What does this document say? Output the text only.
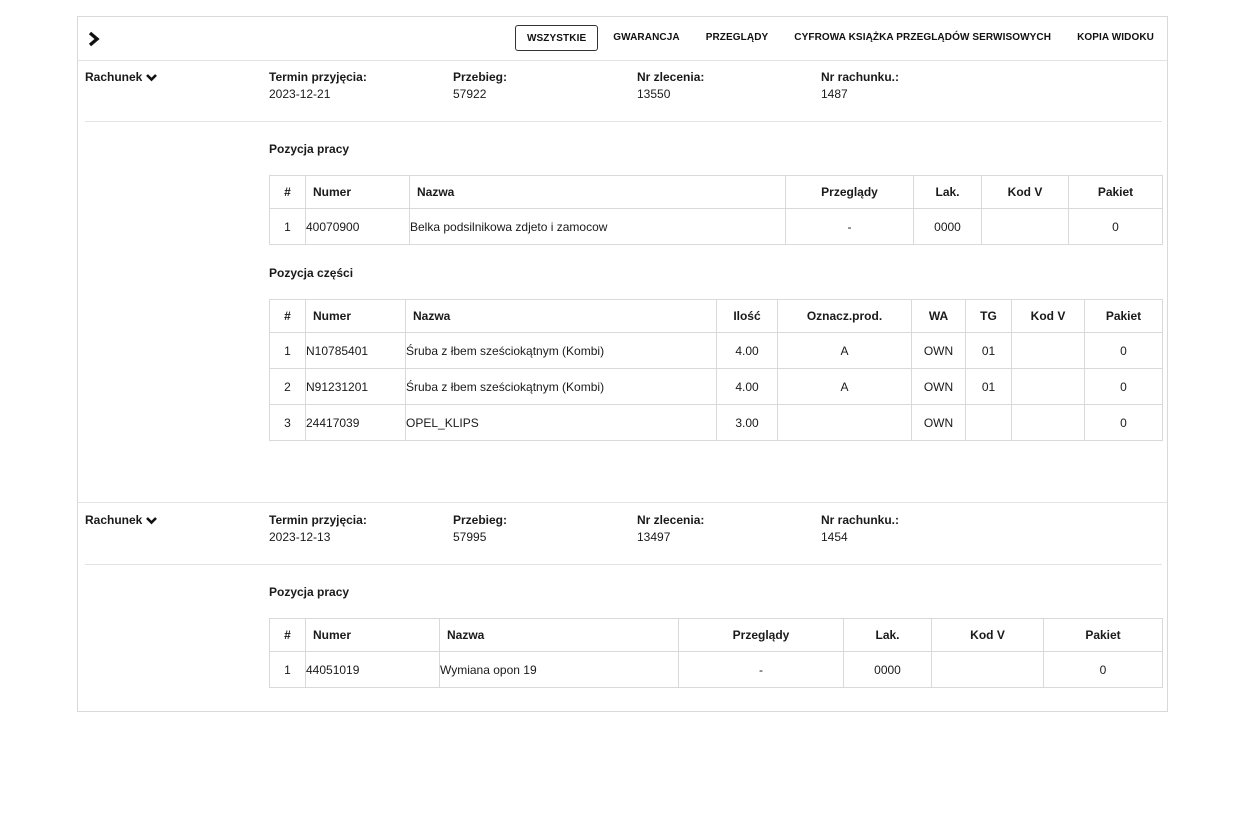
WSZYSTKIE	GWARANCJA	PRZEGLĄDY	CYFROWA KSIĄŻKA PRZEGLĄDÓW SERWISOWYCH	KOPIA WIDOKU
Rachunek	Termin przyjęcia:
2023-12-21
Przebieg:
57922
Nr zlecenia:
13550
Nr rachunku.:
1487
Pozycja pracy
#	Numer	Nazwa	Przeglądy	Lak.	Kod V	Pakiet
1	40070900	Belka podsilnikowa zdjeto i zamocow	-	0000		0
Pozycja części
#	Numer	Nazwa	Ilość	Oznacz.prod.	WA	TG	Kod V	Pakiet
1	N10785401	Śruba z łbem sześciokątnym (Kombi)	4.00	A	OWN	01		0
2	N91231201	Śruba z łbem sześciokątnym (Kombi)	4.00	A	OWN	01		0
3	24417039	OPEL_KLIPS	3.00		OWN			0
Rachunek	Termin przyjęcia:
2023-12-13
Przebieg:
57995
Nr zlecenia:
13497
Nr rachunku.:
1454
Pozycja pracy
#	Numer	Nazwa	Przeglądy	Lak.	Kod V	Pakiet
1	44051019	Wymiana opon 19	-	0000		0
